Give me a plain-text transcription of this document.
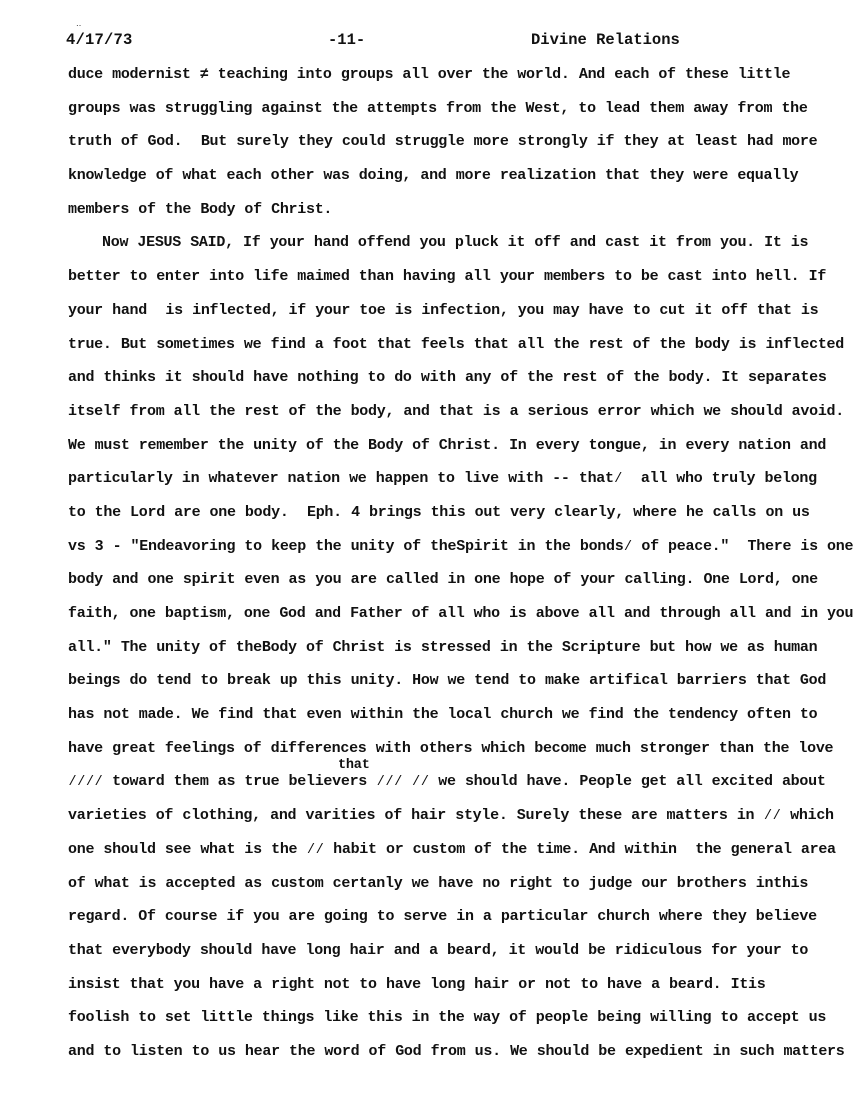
‥
4/17/73	-11-	Divine Relations
duce modernist ≠ teaching into groups all over the world. And each of these little
groups was struggling against the attempts from the West, to lead them away from the
truth of God.  But surely they could struggle more strongly if they at least had more
knowledge of what each other was doing, and more realization that they were equally
members of the Body of Christ.
Now JESUS SAID, If your hand offend you pluck it off and cast it from you. It is
better to enter into life maimed than having all your members to be cast into hell. If
your hand  is inflected, if your toe is infection, you may have to cut it off that is
true. But sometimes we find a foot that feels that all the rest of the body is inflected
and thinks it should have nothing to do with any of the rest of the body. It separates
itself from all the rest of the body, and that is a serious error which we should avoid.
We must remember the unity of the Body of Christ. In every tongue, in every nation and
particularly in whatever nation we happen to live with -- that⁄  all who truly belong
to the Lord are one body.  Eph. 4 brings this out very clearly, where he calls on us
vs 3 - "Endeavoring to keep the unity of theSpirit in the bonds⁄ of peace."  There is one
body and one spirit even as you are called in one hope of your calling. One Lord, one
faith, one baptism, one God and Father of all who is above all and through all and in you
all." The unity of theBody of Christ is stressed in the Scripture but how we as human
beings do tend to break up this unity. How we tend to make artifical barriers that God
has not made. We find that even within the local church we find the tendency often to
have great feelings of differences with others which become much stronger than the love
that
⁄⁄⁄⁄ toward them as true believers ⁄⁄⁄ ⁄⁄ we should have. People get all excited about
varieties of clothing, and varities of hair style. Surely these are matters in ⁄⁄ which
one should see what is the ⁄⁄ habit or custom of the time. And within  the general area
of what is accepted as custom certanly we have no right to judge our brothers inthis
regard. Of course if you are going to serve in a particular church where they believe
that everybody should have long hair and a beard, it would be ridiculous for your to
insist that you have a right not to have long hair or not to have a beard. Itis
foolish to set little things like this in the way of people being willing to accept us
and to listen to us hear the word of God from us. We should be expedient in such matters
